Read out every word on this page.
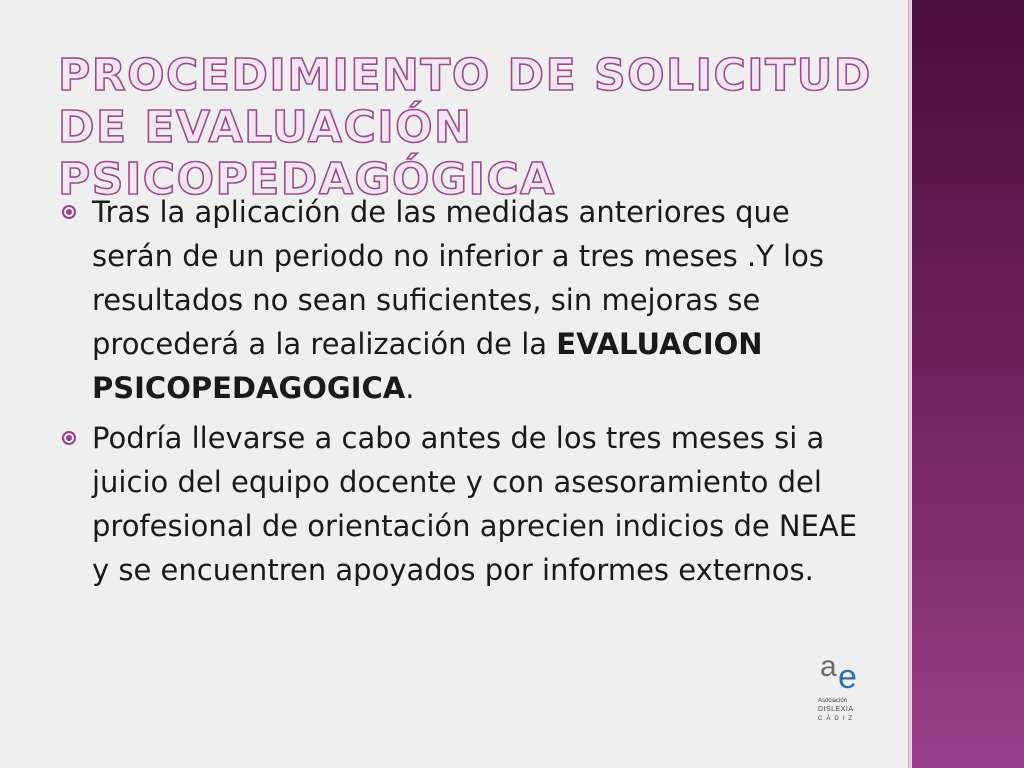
PROCEDIMIENTO DE SOLICITUD DE EVALUACIÓN PSICOPEDAGÓGICA
Tras la aplicación de las medidas anteriores que serán de un periodo no inferior a tres meses .Y los resultados no sean suficientes, sin mejoras se procederá a la realización de la EVALUACION PSICOPEDAGOGICA.
Podría llevarse a cabo antes de los tres meses si a juicio del equipo docente y con asesoramiento del profesional de orientación aprecien indicios de NEAE y se encuentren apoyados por informes externos.
a e
Asociación
DISLEXIA
CÁDIZ
